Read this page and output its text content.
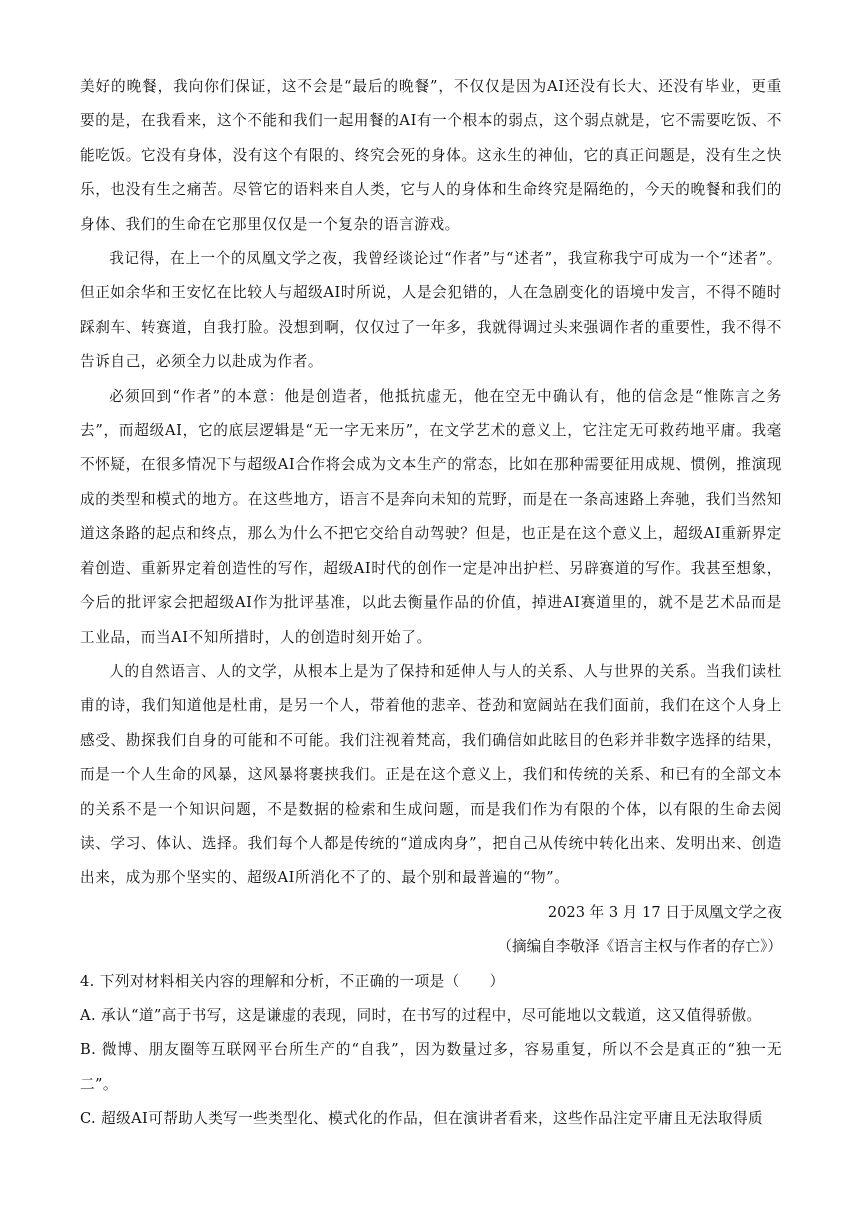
美好的晚餐，我向你们保证，这不会是“最后的晚餐”，不仅仅是因为AI还没有长大、还没有毕业，更重要的是，在我看来，这个不能和我们一起用餐的AI有一个根本的弱点，这个弱点就是，它不需要吃饭、不能吃饭。它没有身体，没有这个有限的、终究会死的身体。这永生的神仙，它的真正问题是，没有生之快乐，也没有生之痛苦。尽管它的语料来自人类，它与人的身体和生命终究是隔绝的，今天的晚餐和我们的身体、我们的生命在它那里仅仅是一个复杂的语言游戏。

我记得，在上一个的凤凰文学之夜，我曾经谈论过“作者”与“述者”，我宣称我宁可成为一个“述者”。但正如余华和王安忆在比较人与超级AI时所说，人是会犯错的，人在急剧变化的语境中发言，不得不随时踩刹车、转赛道，自我打脸。没想到啊，仅仅过了一年多，我就得调过头来强调作者的重要性，我不得不告诉自己，必须全力以赴成为作者。

必须回到“作者”的本意：他是创造者，他抵抗虚无，他在空无中确认有，他的信念是“惟陈言之务去”，而超级AI，它的底层逻辑是“无一字无来历”，在文学艺术的意义上，它注定无可救药地平庸。我毫不怀疑，在很多情况下与超级AI合作将会成为文本生产的常态，比如在那种需要征用成规、惯例，推演现成的类型和模式的地方。在这些地方，语言不是奔向未知的荒野，而是在一条高速路上奔驰，我们当然知道这条路的起点和终点，那么为什么不把它交给自动驾驶？但是，也正是在这个意义上，超级AI重新界定着创造、重新界定着创造性的写作，超级AI时代的创作一定是冲出护栏、另辟赛道的写作。我甚至想象，今后的批评家会把超级AI作为批评基准，以此去衡量作品的价值，掉进AI赛道里的，就不是艺术品而是工业品，而当AI不知所措时，人的创造时刻开始了。

人的自然语言、人的文学，从根本上是为了保持和延伸人与人的关系、人与世界的关系。当我们读杜甫的诗，我们知道他是杜甫，是另一个人，带着他的悲辛、苍劲和宽阔站在我们面前，我们在这个人身上感受、勘探我们自身的可能和不可能。我们注视着梵高，我们确信如此眩目的色彩并非数字选择的结果，而是一个人生命的风暴，这风暴将裹挟我们。正是在这个意义上，我们和传统的关系、和已有的全部文本的关系不是一个知识问题，不是数据的检索和生成问题，而是我们作为有限的个体，以有限的生命去阅读、学习、体认、选择。我们每个人都是传统的“道成肉身”，把自己从传统中转化出来、发明出来、创造出来，成为那个坚实的、超级AI所消化不了的、最个别和最普遍的“物”。

2023 年 3 月 17 日于凤凰文学之夜

（摘编自李敬泽《语言主权与作者的存亡》）

4. 下列对材料相关内容的理解和分析，不正确的一项是（　　）

A. 承认“道”高于书写，这是谦虚的表现，同时，在书写的过程中，尽可能地以文载道，这又值得骄傲。

B. 微博、朋友圈等互联网平台所生产的“自我”，因为数量过多，容易重复，所以不会是真正的“独一无二”。

C. 超级AI可帮助人类写一些类型化、模式化的作品，但在演讲者看来，这些作品注定平庸且无法取得质
